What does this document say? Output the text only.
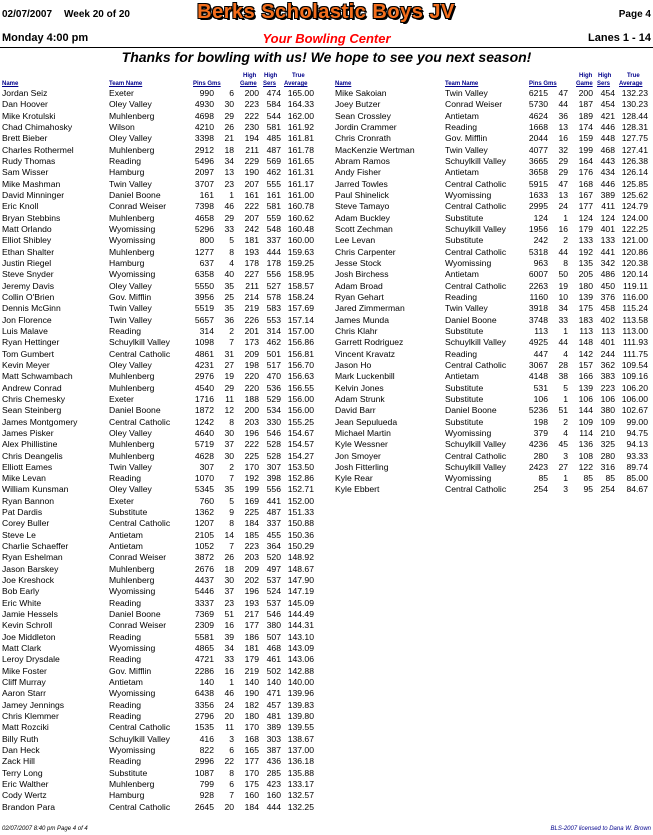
02/07/2007 Week 20 of 20	Berks Scholastic Boys JV	Page 4
Monday 4:00 pm	Your Bowling Center	Lanes 1 - 14
Thanks for bowling with us! We hope to see you next season!
Name	Team Name	Pins Gms
High
Game
High
Sers
True
Average	Name	Team Name	Pins Gms
High
Game
High
Sers
True
Average
Jordan Seiz	Exeter	990 6 200 474 165.00
Dan Hoover	Oley Valley	4930 30 223 584 164.33
Mike Krotulski	Muhlenberg	4698 29 222 544 162.00
Chad Chimahosky	Wilson	4210 26 230 581 161.92
Brett Bieber	Oley Valley	3398 21 194 485 161.81
Charles Rothermel	Muhlenberg	2912 18 211 487 161.78
Rudy Thomas	Reading	5496 34 229 569 161.65
Sam Wisser	Hamburg	2097 13 190 462 161.31
Mike Mashman	Twin Valley	3707 23 207 555 161.17
David Minninger	Daniel Boone	161 1 161 161 161.00
Eric Knoll	Conrad Weiser	7398 46 222 581 160.78
Bryan Stebbins	Muhlenberg	4658 29 207 559 160.62
Matt Orlando	Wyomissing	5296 33 242 548 160.48
Elliot Shibley	Wyomissing	800 5 181 337 160.00
Ethan Shalter	Muhlenberg	1277 8 193 444 159.63
Justin Riegel	Hamburg	637 4 178 178 159.25
Steve Snyder	Wyomissing	6358 40 227 556 158.95
Jeremy Davis	Oley Valley	5550 35 211 527 158.57
Collin O'Brien	Gov. Mifflin	3956 25 214 578 158.24
Dennis McGinn	Twin Valley	5519 35 219 583 157.69
Jon Florence	Twin Valley	5657 36 226 553 157.14
Luis Malave	Reading	314 2 201 314 157.00
Ryan Hettinger	Schuylkill Valley	1098 7 173 462 156.86
Tom Gumbert	Central Catholic	4861 31 209 501 156.81
Kevin Meyer	Oley Valley	4231 27 198 517 156.70
Matt Schwambach	Muhlenberg	2976 19 220 470 156.63
Andrew Conrad	Muhlenberg	4540 29 220 536 156.55
Chris Chemesky	Exeter	1716 11 188 529 156.00
Sean Steinberg	Daniel Boone	1872 12 200 534 156.00
James Montgomery	Central Catholic	1242 8 203 330 155.25
James Pisker	Oley Valley	4640 30 196 546 154.67
Alex Phillistine	Muhlenberg	5719 37 222 528 154.57
Chris Deangelis	Muhlenberg	4628 30 225 528 154.27
Elliott Eames	Twin Valley	307 2 170 307 153.50
Mike Levan	Reading	1070 7 192 398 152.86
William Kunsman	Oley Valley	5345 35 199 556 152.71
Ryan Bannon	Exeter	760 5 169 441 152.00
Pat Dardis	Substitute	1362 9 225 487 151.33
Corey Buller	Central Catholic	1207 8 184 337 150.88
Steve Le	Antietam	2105 14 185 455 150.36
Charlie Schaeffer	Antietam	1052 7 223 364 150.29
Ryan Eshelman	Conrad Weiser	3872 26 203 520 148.92
Jason Barskey	Muhlenberg	2676 18 209 497 148.67
Joe Kreshock	Muhlenberg	4437 30 202 537 147.90
Bob Early	Wyomissing	5446 37 196 524 147.19
Eric White	Reading	3337 23 193 537 145.09
Jamie Hessels	Daniel Boone	7369 51 217 546 144.49
Kevin Schroll	Conrad Weiser	2309 16 177 380 144.31
Joe Middleton	Reading	5581 39 186 507 143.10
Matt Clark	Wyomissing	4865 34 181 468 143.09
Leroy Drysdale	Reading	4721 33 179 461 143.06
Mike Foster	Gov. Mifflin	2286 16 219 502 142.88
Cliff Murray	Antietam	140 1 140 140 140.00
Aaron Starr	Wyomissing	6438 46 190 471 139.96
Jamey Jennings	Reading	3356 24 182 457 139.83
Chris Klemmer	Reading	2796 20 180 481 139.80
Matt Rozciki	Central Catholic	1535 11 170 389 139.55
Billy Ruth	Schuylkill Valley	416 3 168 303 138.67
Dan Heck	Wyomissing	822 6 165 387 137.00
Zack Hill	Reading	2996 22 177 436 136.18
Terry Long	Substitute	1087 8 170 285 135.88
Eric Walther	Muhlenberg	799 6 175 423 133.17
Cody Wertz	Hamburg	928 7 160 160 132.57
Brandon Para	Central Catholic	2645 20 184 444 132.25
Mike Sakoian	Twin Valley	6215 47 200 454 132.23
Joey Butzer	Conrad Weiser	5730 44 187 454 130.23
Sean Crossley	Antietam	4624 36 189 421 128.44
Jordin Crammer	Reading	1668 13 174 446 128.31
Chris Cronrath	Gov. Mifflin	2044 16 159 448 127.75
MacKenzie Wertman	Twin Valley	4077 32 199 468 127.41
Abram Ramos	Schuylkill Valley	3665 29 164 443 126.38
Andy Fisher	Antietam	3658 29 176 434 126.14
Jarred Towles	Central Catholic	5915 47 168 446 125.85
Paul Shinelick	Wyomissing	1633 13 167 389 125.62
Steve Tamayo	Central Catholic	2995 24 177 411 124.79
Adam Buckley	Substitute	124 1 124 124 124.00
Scott Zechman	Schuylkill Valley	1956 16 179 401 122.25
Lee Levan	Substitute	242 2 133 133 121.00
Chris Carpenter	Central Catholic	5318 44 192 441 120.86
Jesse Stock	Wyomissing	963 8 135 342 120.38
Josh Birchess	Antietam	6007 50 205 486 120.14
Adam Broad	Central Catholic	2263 19 180 450 119.11
Ryan Gehart	Reading	1160 10 139 376 116.00
Jared Zimmerman	Twin Valley	3918 34 175 458 115.24
James Munda	Daniel Boone	3748 33 183 402 113.58
Chris Klahr	Substitute	113 1 113 113 113.00
Garrett Rodriguez	Schuylkill Valley	4925 44 148 401 111.93
Vincent Kravatz	Reading	447 4 142 244 111.75
Jason Ho	Central Catholic	3067 28 157 362 109.54
Mark Luckenbill	Antietam	4148 38 166 383 109.16
Kelvin Jones	Substitute	531 5 139 223 106.20
Adam Strunk	Substitute	106 1 106 106 106.00
David Barr	Daniel Boone	5236 51 144 380 102.67
Jean Sepulueda	Substitute	198 2 109 109 99.00
Michael Martin	Wyomissing	379 4 114 210 94.75
Kyle Wessner	Schuylkill Valley	4236 45 136 325 94.13
Jon Smoyer	Central Catholic	280 3 108 280 93.33
Josh Fitterling	Schuylkill Valley	2423 27 122 316 89.74
Kyle Rear	Wyomissing	85 1 85 85 85.00
Kyle Ebbert	Central Catholic	254 3 95 254 84.67
02/07/2007 8:40 pm Page 4 of 4	BLS-2007 licensed to Dana W. Brown
